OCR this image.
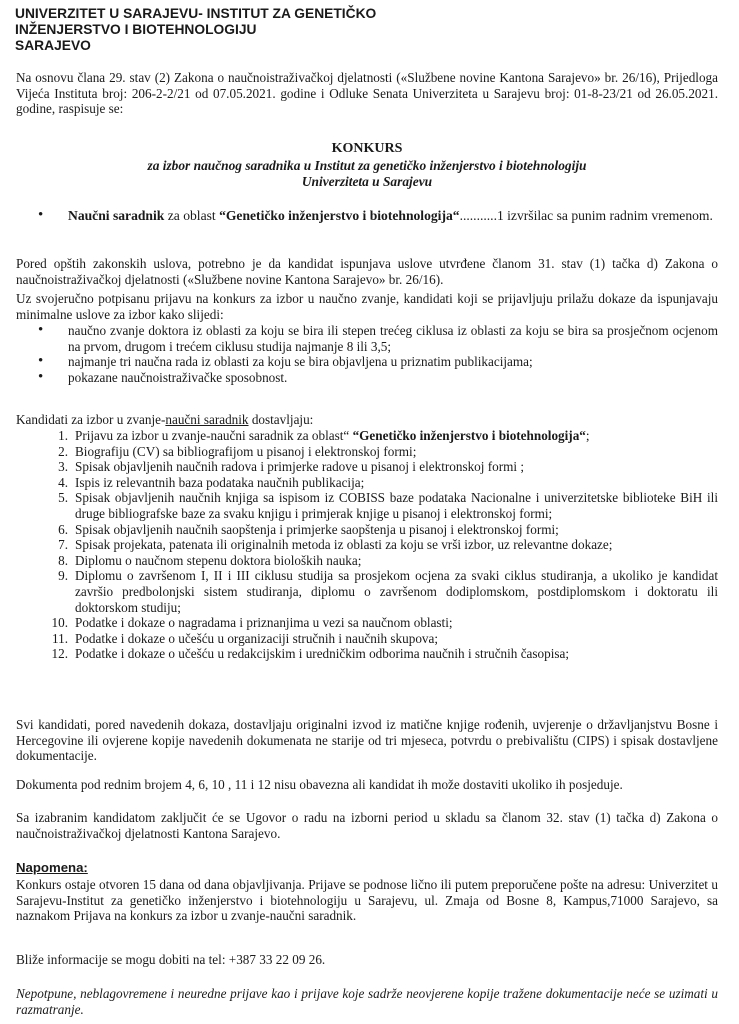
UNIVERZITET U SARAJEVU- INSTITUT ZA GENETIČKO
INŽENJERSTVO I BIOTEHNOLOGIJU
SARAJEVO
Na osnovu člana 29. stav (2) Zakona o naučnoistraživačkoj djelatnosti («Službene novine Kantona Sarajevo» br. 26/16), Prijedloga Vijeća Instituta broj: 206-2-2/21 od 07.05.2021. godine i Odluke Senata Univerziteta u Sarajevu broj: 01-8-23/21 od 26.05.2021. godine, raspisuje se:
KONKURS
za izbor naučnog saradnika u Institut za genetičko inženjerstvo i biotehnologiju
Univerziteta u Sarajevu
• Naučni saradnik za oblast “Genetičko inženjerstvo i biotehnologija“...........1 izvršilac sa punim radnim vremenom.
Pored opštih zakonskih uslova, potrebno je da kandidat ispunjava uslove utvrđene članom 31. stav (1) tačka d) Zakona o naučnoistraživačkoj djelatnosti («Službene novine Kantona Sarajevo» br. 26/16).
Uz svojeručno potpisanu prijavu na konkurs za izbor u naučno zvanje, kandidati koji se prijavljuju prilažu dokaze da ispunjavaju minimalne uslove za izbor kako slijedi:
• naučno zvanje doktora iz oblasti za koju se bira ili stepen trećeg ciklusa iz oblasti za koju se bira sa prosječnom ocjenom na prvom, drugom i trećem ciklusu studija najmanje 8 ili 3,5;
• najmanje tri naučna rada iz oblasti za koju se bira objavljena u priznatim publikacijama;
• pokazane naučnoistraživačke sposobnost.
Kandidati za izbor u zvanje-naučni saradnik dostavljaju:
1. Prijavu za izbor u zvanje-naučni saradnik za oblast“ “Genetičko inženjerstvo i biotehnologija“;
2. Biografiju (CV) sa bibliografijom u pisanoj i elektronskoj formi;
3. Spisak objavljenih naučnih radova i primjerke radove u pisanoj i elektronskoj formi ;
4. Ispis iz relevantnih baza podataka naučnih publikacija;
5. Spisak objavljenih naučnih knjiga sa ispisom iz COBISS baze podataka Nacionalne i univerzitetske biblioteke BiH ili druge bibliografske baze za svaku knjigu i primjerak knjige u pisanoj i elektronskoj formi;
6. Spisak objavljenih naučnih saopštenja i primjerke saopštenja u pisanoj i elektronskoj formi;
7. Spisak projekata, patenata ili originalnih metoda iz oblasti za koju se vrši izbor, uz relevantne dokaze;
8. Diplomu o naučnom stepenu doktora bioloških nauka;
9. Diplomu o završenom I, II i III ciklusu studija sa prosjekom ocjena za svaki ciklus studiranja, a ukoliko je kandidat završio predbolonjski sistem studiranja, diplomu o završenom dodiplomskom, postdiplomskom i doktoratu ili doktorskom studiju;
10. Podatke i dokaze o nagradama i priznanjima u vezi sa naučnom oblasti;
11. Podatke i dokaze o učešću u organizaciji stručnih i naučnih skupova;
12. Podatke i dokaze o učešću u redakcijskim i uredničkim odborima naučnih i stručnih časopisa;
Svi kandidati, pored navedenih dokaza, dostavljaju originalni izvod iz matične knjige rođenih, uvjerenje o državljanjstvu Bosne i Hercegovine ili ovjerene kopije navedenih dokumenata ne starije od tri mjeseca, potvrdu o prebivalištu (CIPS) i spisak dostavljene dokumentacije.
Dokumenta pod rednim brojem 4, 6, 10 , 11 i 12 nisu obavezna ali kandidat ih može dostaviti ukoliko ih posjeduje.
Sa izabranim kandidatom zaključit će se Ugovor o radu na izborni period u skladu sa članom 32. stav (1) tačka d) Zakona o naučnoistraživačkoj djelatnosti Kantona Sarajevo.
Napomena:
Konkurs ostaje otvoren 15 dana od dana objavljivanja. Prijave se podnose lično ili putem preporučene pošte na adresu: Univerzitet u Sarajevu-Institut za genetičko inženjerstvo i biotehnologiju u Sarajevu, ul. Zmaja od Bosne 8, Kampus,71000 Sarajevo, sa naznakom Prijava na konkurs za izbor u zvanje-naučni saradnik.
Bliže informacije se mogu dobiti na tel: +387 33 22 09 26.
Nepotpune, neblagovremene i neuredne prijave kao i prijave koje sadrže neovjerene kopije tražene dokumentacije neće se uzimati u razmatranje.
